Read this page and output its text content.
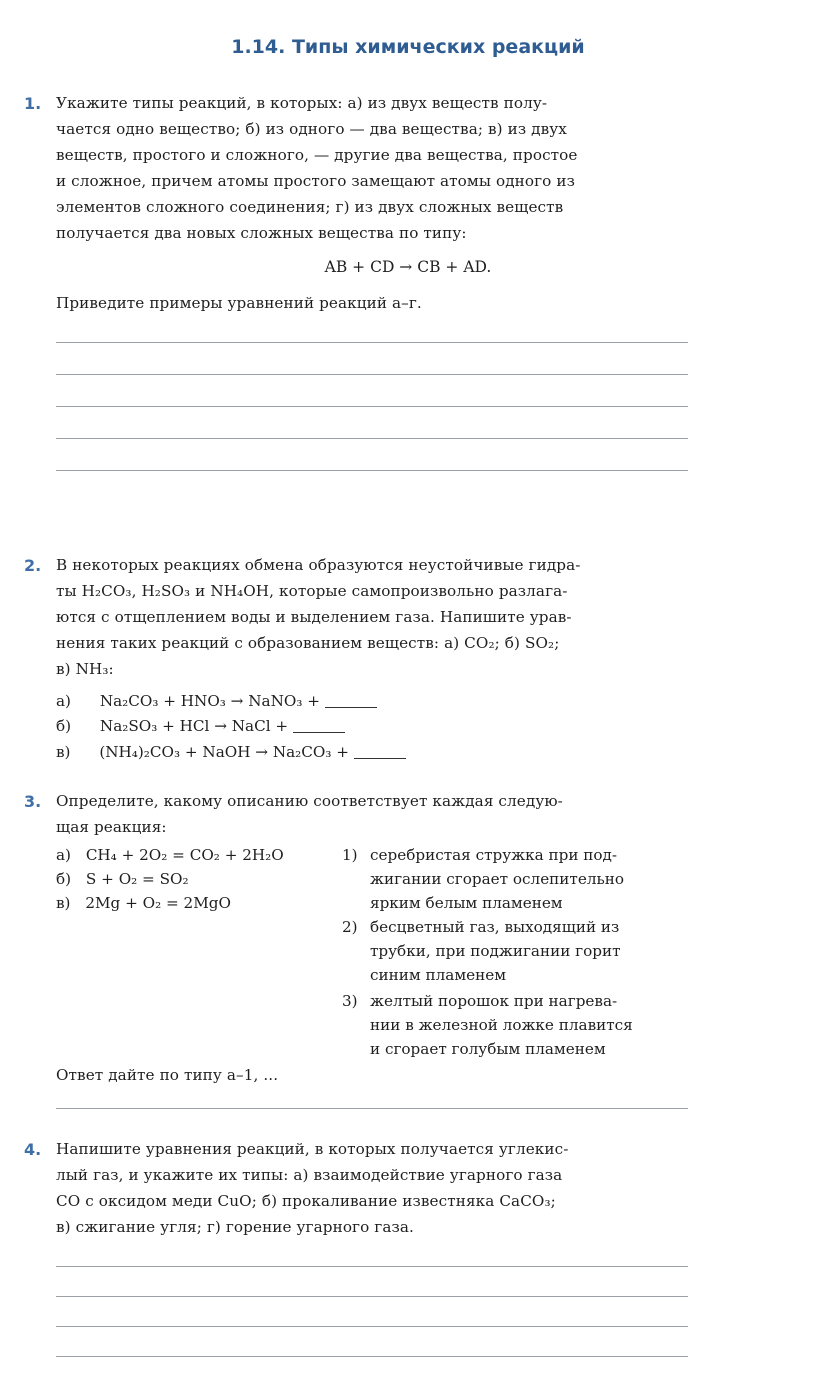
1.14. Типы химических реакций
1. Укажите типы реакций, в которых: а) из двух веществ полу-
чается одно вещество; б) из одного — два вещества; в) из двух
веществ, простого и сложного, — другие два вещества, простое
и сложное, причем атомы простого замещают атомы одного из
элементов сложного соединения; г) из двух сложных веществ
получается два новых сложных вещества по типу:
AB + CD → CB + AD.
Приведите примеры уравнений реакций а–г.
2. В некоторых реакциях обмена образуются неустойчивые гидра-
ты H₂CO₃, H₂SO₃ и NH₄OH, которые самопроизвольно разлага-
ются с отщеплением воды и выделением газа. Напишите урав-
нения таких реакций с образованием веществ: а) CO₂; б) SO₂;
в) NH₃:
а) Na₂CO₃ + HNO₃ → NaNO₃ +
б) Na₂SO₃ + HCl → NaCl +
в) (NH₄)₂CO₃ + NaOH → Na₂CO₃ +
3. Определите, какому описанию соответствует каждая следую-
щая реакция:
а) CH₄ + 2O₂ = CO₂ + 2H₂O
б) S + O₂ = SO₂
в) 2Mg + O₂ = 2MgO
1) серебристая стружка при под-
жигании сгорает ослепительно
ярким белым пламенем
2) бесцветный газ, выходящий из
трубки, при поджигании горит
синим пламенем
3) желтый порошок при нагрева-
нии в железной ложке плавится
и сгорает голубым пламенем
Ответ дайте по типу а–1, ...
4. Напишите уравнения реакций, в которых получается углекис-
лый газ, и укажите их типы: а) взаимодействие угарного газа
CO с оксидом меди CuO; б) прокаливание известняка CaCO₃;
в) сжигание угля; г) горение угарного газа.
